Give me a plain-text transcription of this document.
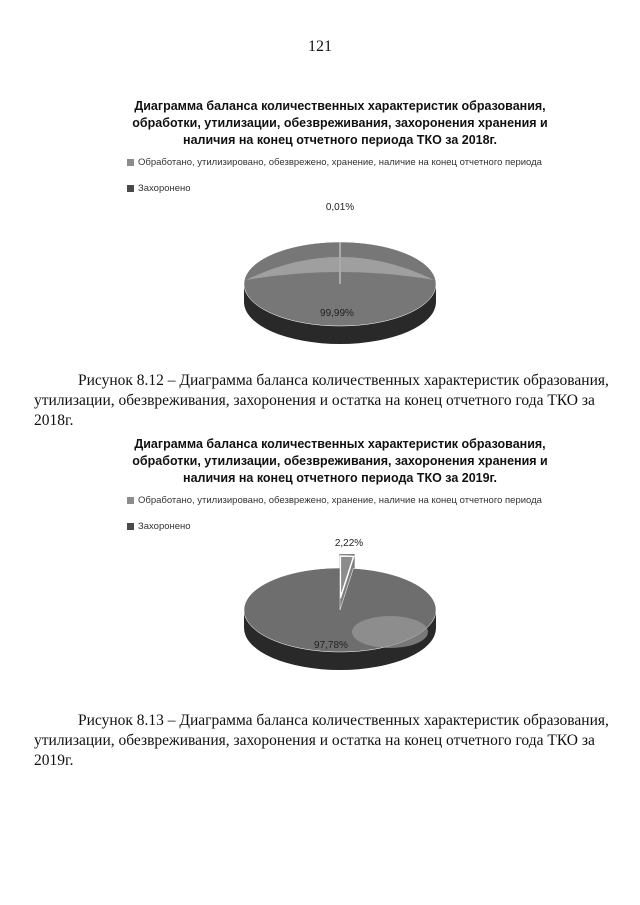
121
Диаграмма баланса количественных характеристик образования,
обработки, утилизации, обезвреживания, захоронения хранения и
наличия на конец отчетного периода ТКО за 2018г.
Обработано, утилизировано, обезврежено, хранение, наличие на конец отчетного периода
Захоронено
0,01%
99,99%

Рисунок 8.12 – Диаграмма баланса количественных характеристик образования,
утилизации, обезвреживания, захоронения и остатка на конец отчетного года ТКО за
2018г.

Диаграмма баланса количественных характеристик образования,
обработки, утилизации, обезвреживания, захоронения хранения и
наличия на конец отчетного периода ТКО за 2019г.
Обработано, утилизировано, обезврежено, хранение, наличие на конец отчетного периода
Захоронено
2,22%
97,78%

Рисунок 8.13 – Диаграмма баланса количественных характеристик образования,
утилизации, обезвреживания, захоронения и остатка на конец отчетного года ТКО за
2019г.
